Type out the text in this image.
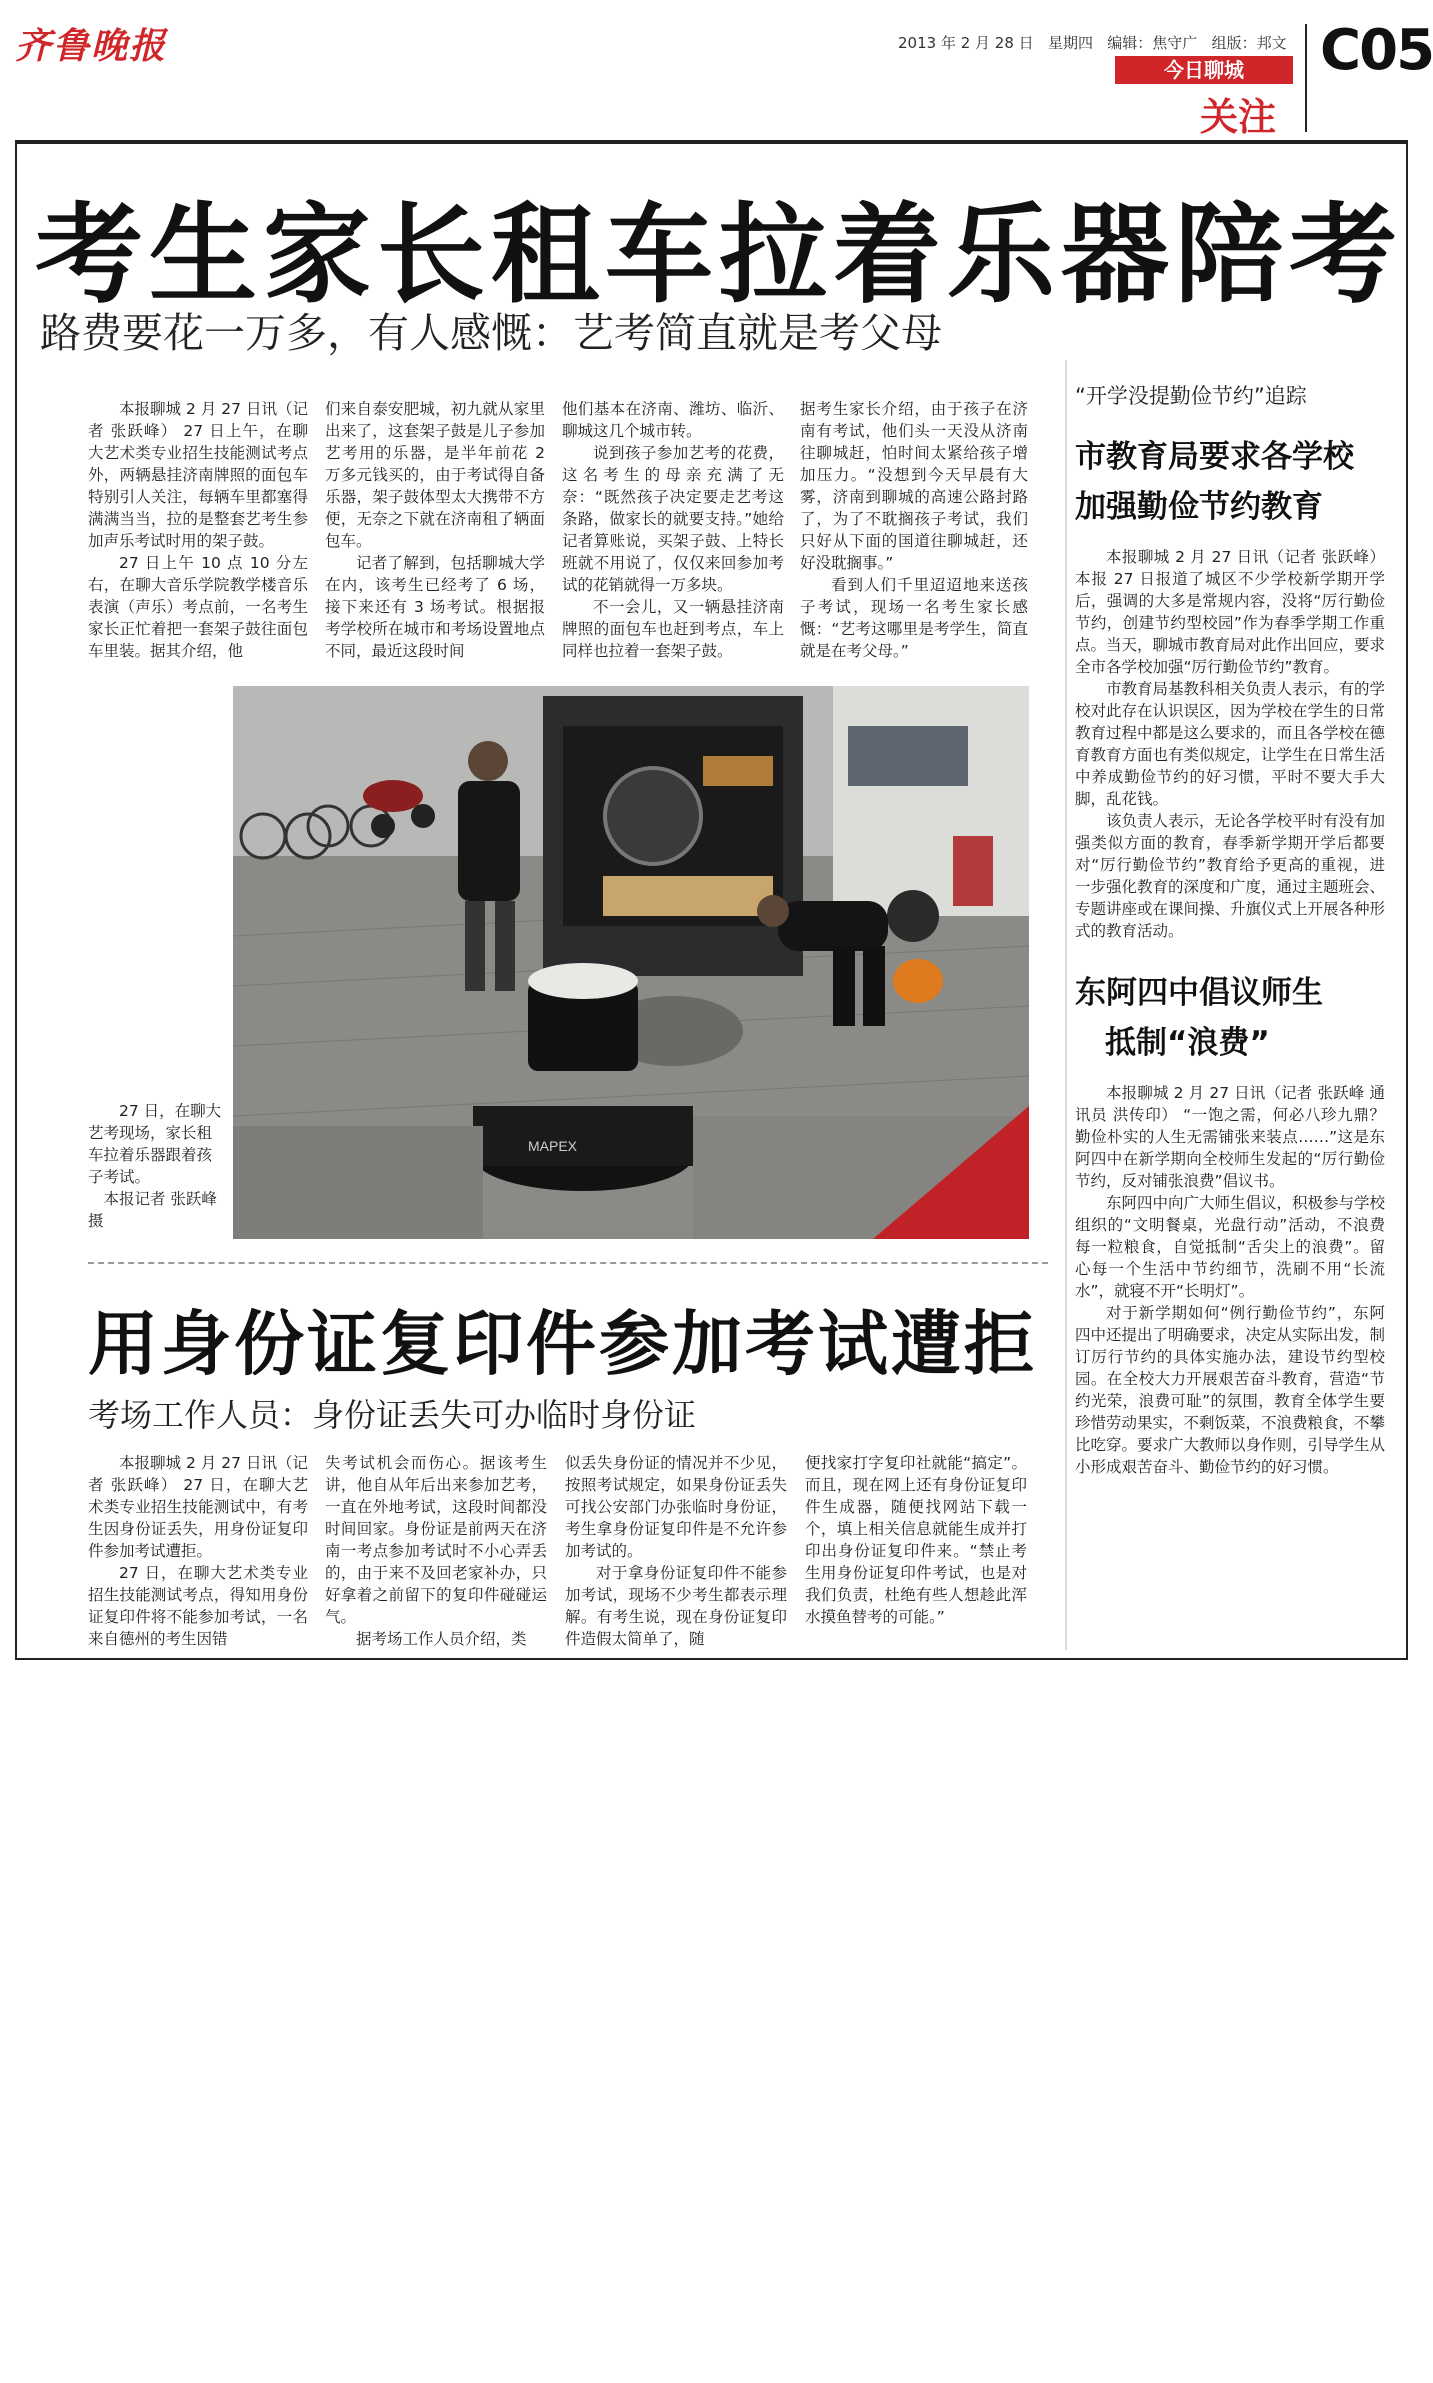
齐鲁晚报	2013 年 2 月 28 日 星期四 编辑：焦守广 组版：邦文
今日聊城
关注
C05
考生家长租车拉着乐器陪考
路费要花一万多，有人感慨：艺考简直就是考父母

本报聊城 2 月 27 日讯（记者 张跃峰） 27 日上午，在聊大艺术类专业招生技能测试考点外，两辆悬挂济南牌照的面包车特别引人关注，每辆车里都塞得满满当当，拉的是整套艺考生参加声乐考试时用的架子鼓。

27 日上午 10 点 10 分左右，在聊大音乐学院教学楼音乐表演（声乐）考点前，一名考生家长正忙着把一套架子鼓往面包车里装。据其介绍，他

们来自泰安肥城，初九就从家里出来了，这套架子鼓是儿子参加艺考用的乐器，是半年前花 2 万多元钱买的，由于考试得自备乐器，架子鼓体型太大携带不方便，无奈之下就在济南租了辆面包车。

记者了解到，包括聊城大学在内，该考生已经考了 6 场，接下来还有 3 场考试。根据报考学校所在城市和考场设置地点不同，最近这段时间

他们基本在济南、潍坊、临沂、聊城这几个城市转。

说到孩子参加艺考的花费，这名考生的母亲充满了无奈：“既然孩子决定要走艺考这条路，做家长的就要支持。”她给记者算账说，买架子鼓、上特长班就不用说了，仅仅来回参加考试的花销就得一万多块。

不一会儿，又一辆悬挂济南牌照的面包车也赶到考点，车上同样也拉着一套架子鼓。

据考生家长介绍，由于孩子在济南有考试，他们头一天没从济南往聊城赶，怕时间太紧给孩子增加压力。“没想到今天早晨有大雾，济南到聊城的高速公路封路了，为了不耽搁孩子考试，我们只好从下面的国道往聊城赶，还好没耽搁事。”

看到人们千里迢迢地来送孩子考试，现场一名考生家长感慨：“艺考这哪里是考学生，简直就是在考父母。”

MAPEX
27 日，在聊大艺考现场，家长租车拉着乐器跟着孩子考试。
本报记者 张跃峰 摄
用身份证复印件参加考试遭拒
考场工作人员：身份证丢失可办临时身份证

本报聊城 2 月 27 日讯（记者 张跃峰） 27 日，在聊大艺术类专业招生技能测试中，有考生因身份证丢失，用身份证复印件参加考试遭拒。

27 日，在聊大艺术类专业招生技能测试考点，得知用身份证复印件将不能参加考试，一名来自德州的考生因错

失考试机会而伤心。据该考生讲，他自从年后出来参加艺考，一直在外地考试，这段时间都没时间回家。身份证是前两天在济南一考点参加考试时不小心弄丢的，由于来不及回老家补办，只好拿着之前留下的复印件碰碰运气。

据考场工作人员介绍，类

似丢失身份证的情况并不少见，按照考试规定，如果身份证丢失可找公安部门办张临时身份证，考生拿身份证复印件是不允许参加考试的。

对于拿身份证复印件不能参加考试，现场不少考生都表示理解。有考生说，现在身份证复印件造假太简单了，随

便找家打字复印社就能“搞定”。而且，现在网上还有身份证复印件生成器，随便找网站下载一个，填上相关信息就能生成并打印出身份证复印件来。“禁止考生用身份证复印件考试，也是对我们负责，杜绝有些人想趁此浑水摸鱼替考的可能。”

“开学没提勤俭节约”追踪
市教育局要求各学校
加强勤俭节约教育

本报聊城 2 月 27 日讯（记者 张跃峰） 本报 27 日报道了城区不少学校新学期开学后，强调的大多是常规内容，没将“厉行勤俭节约，创建节约型校园”作为春季学期工作重点。当天，聊城市教育局对此作出回应，要求全市各学校加强“厉行勤俭节约”教育。

市教育局基教科相关负责人表示，有的学校对此存在认识误区，因为学校在学生的日常教育过程中都是这么要求的，而且各学校在德育教育方面也有类似规定，让学生在日常生活中养成勤俭节约的好习惯，平时不要大手大脚，乱花钱。

该负责人表示，无论各学校平时有没有加强类似方面的教育，春季新学期开学后都要对“厉行勤俭节约”教育给予更高的重视，进一步强化教育的深度和广度，通过主题班会、专题讲座或在课间操、升旗仪式上开展各种形式的教育活动。

东阿四中倡议师生
抵制“浪费”

本报聊城 2 月 27 日讯（记者 张跃峰 通讯员 洪传印） “一饱之需，何必八珍九鼎？勤俭朴实的人生无需铺张来装点……”这是东阿四中在新学期向全校师生发起的“厉行勤俭节约，反对铺张浪费”倡议书。

东阿四中向广大师生倡议，积极参与学校组织的“文明餐桌，光盘行动”活动，不浪费每一粒粮食，自觉抵制“舌尖上的浪费”。留心每一个生活中节约细节，洗刷不用“长流水”，就寝不开“长明灯”。

对于新学期如何“例行勤俭节约”，东阿四中还提出了明确要求，决定从实际出发，制订厉行节约的具体实施办法，建设节约型校园。在全校大力开展艰苦奋斗教育，营造“节约光荣，浪费可耻”的氛围，教育全体学生要珍惜劳动果实，不剩饭菜，不浪费粮食，不攀比吃穿。要求广大教师以身作则，引导学生从小形成艰苦奋斗、勤俭节约的好习惯。
